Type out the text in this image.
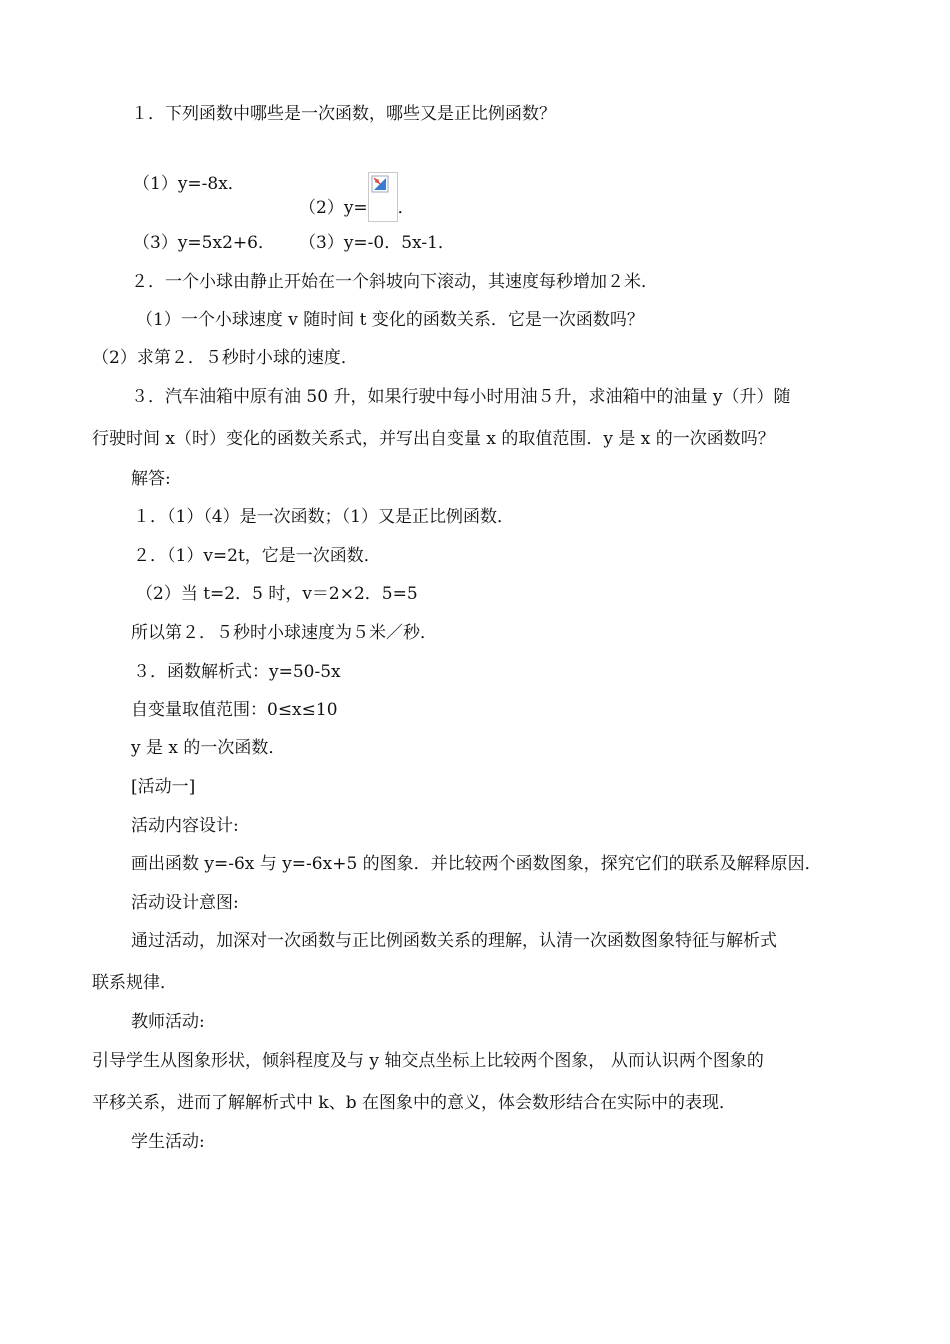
１．下列函数中哪些是一次函数，哪些又是正比例函数？
（1）y=-8x．
（2）y= ．
（3）y=5x2+6． （3）y=-0．5x-1．
２．一个小球由静止开始在一个斜坡向下滚动，其速度每秒增加２米．
（1）一个小球速度 v 随时间 t 变化的函数关系．它是一次函数吗？
（2）求第２．５秒时小球的速度．
３．汽车油箱中原有油 50 升，如果行驶中每小时用油５升，求油箱中的油量 y（升）随
行驶时间 x（时）变化的函数关系式，并写出自变量 x 的取值范围．y 是 x 的一次函数吗？
解答:
１．（1）（4）是一次函数；（1）又是正比例函数．
２．（1）v=2t，它是一次函数．
（2）当 t=2．5 时，v＝2×2．5=5
所以第２．５秒时小球速度为５米／秒．
３．函数解析式：y=50-5x
自变量取值范围：0≤x≤10
y 是 x 的一次函数．
[活动一]
活动内容设计:
画出函数 y=-6x 与 y=-6x+5 的图象．并比较两个函数图象，探究它们的联系及解释原因．
活动设计意图:
通过活动，加深对一次函数与正比例函数关系的理解，认清一次函数图象特征与解析式
联系规律．
教师活动:
引导学生从图象形状，倾斜程度及与 y 轴交点坐标上比较两个图象， 从而认识两个图象的
平移关系，进而了解解析式中 k、b 在图象中的意义，体会数形结合在实际中的表现．
学生活动:
